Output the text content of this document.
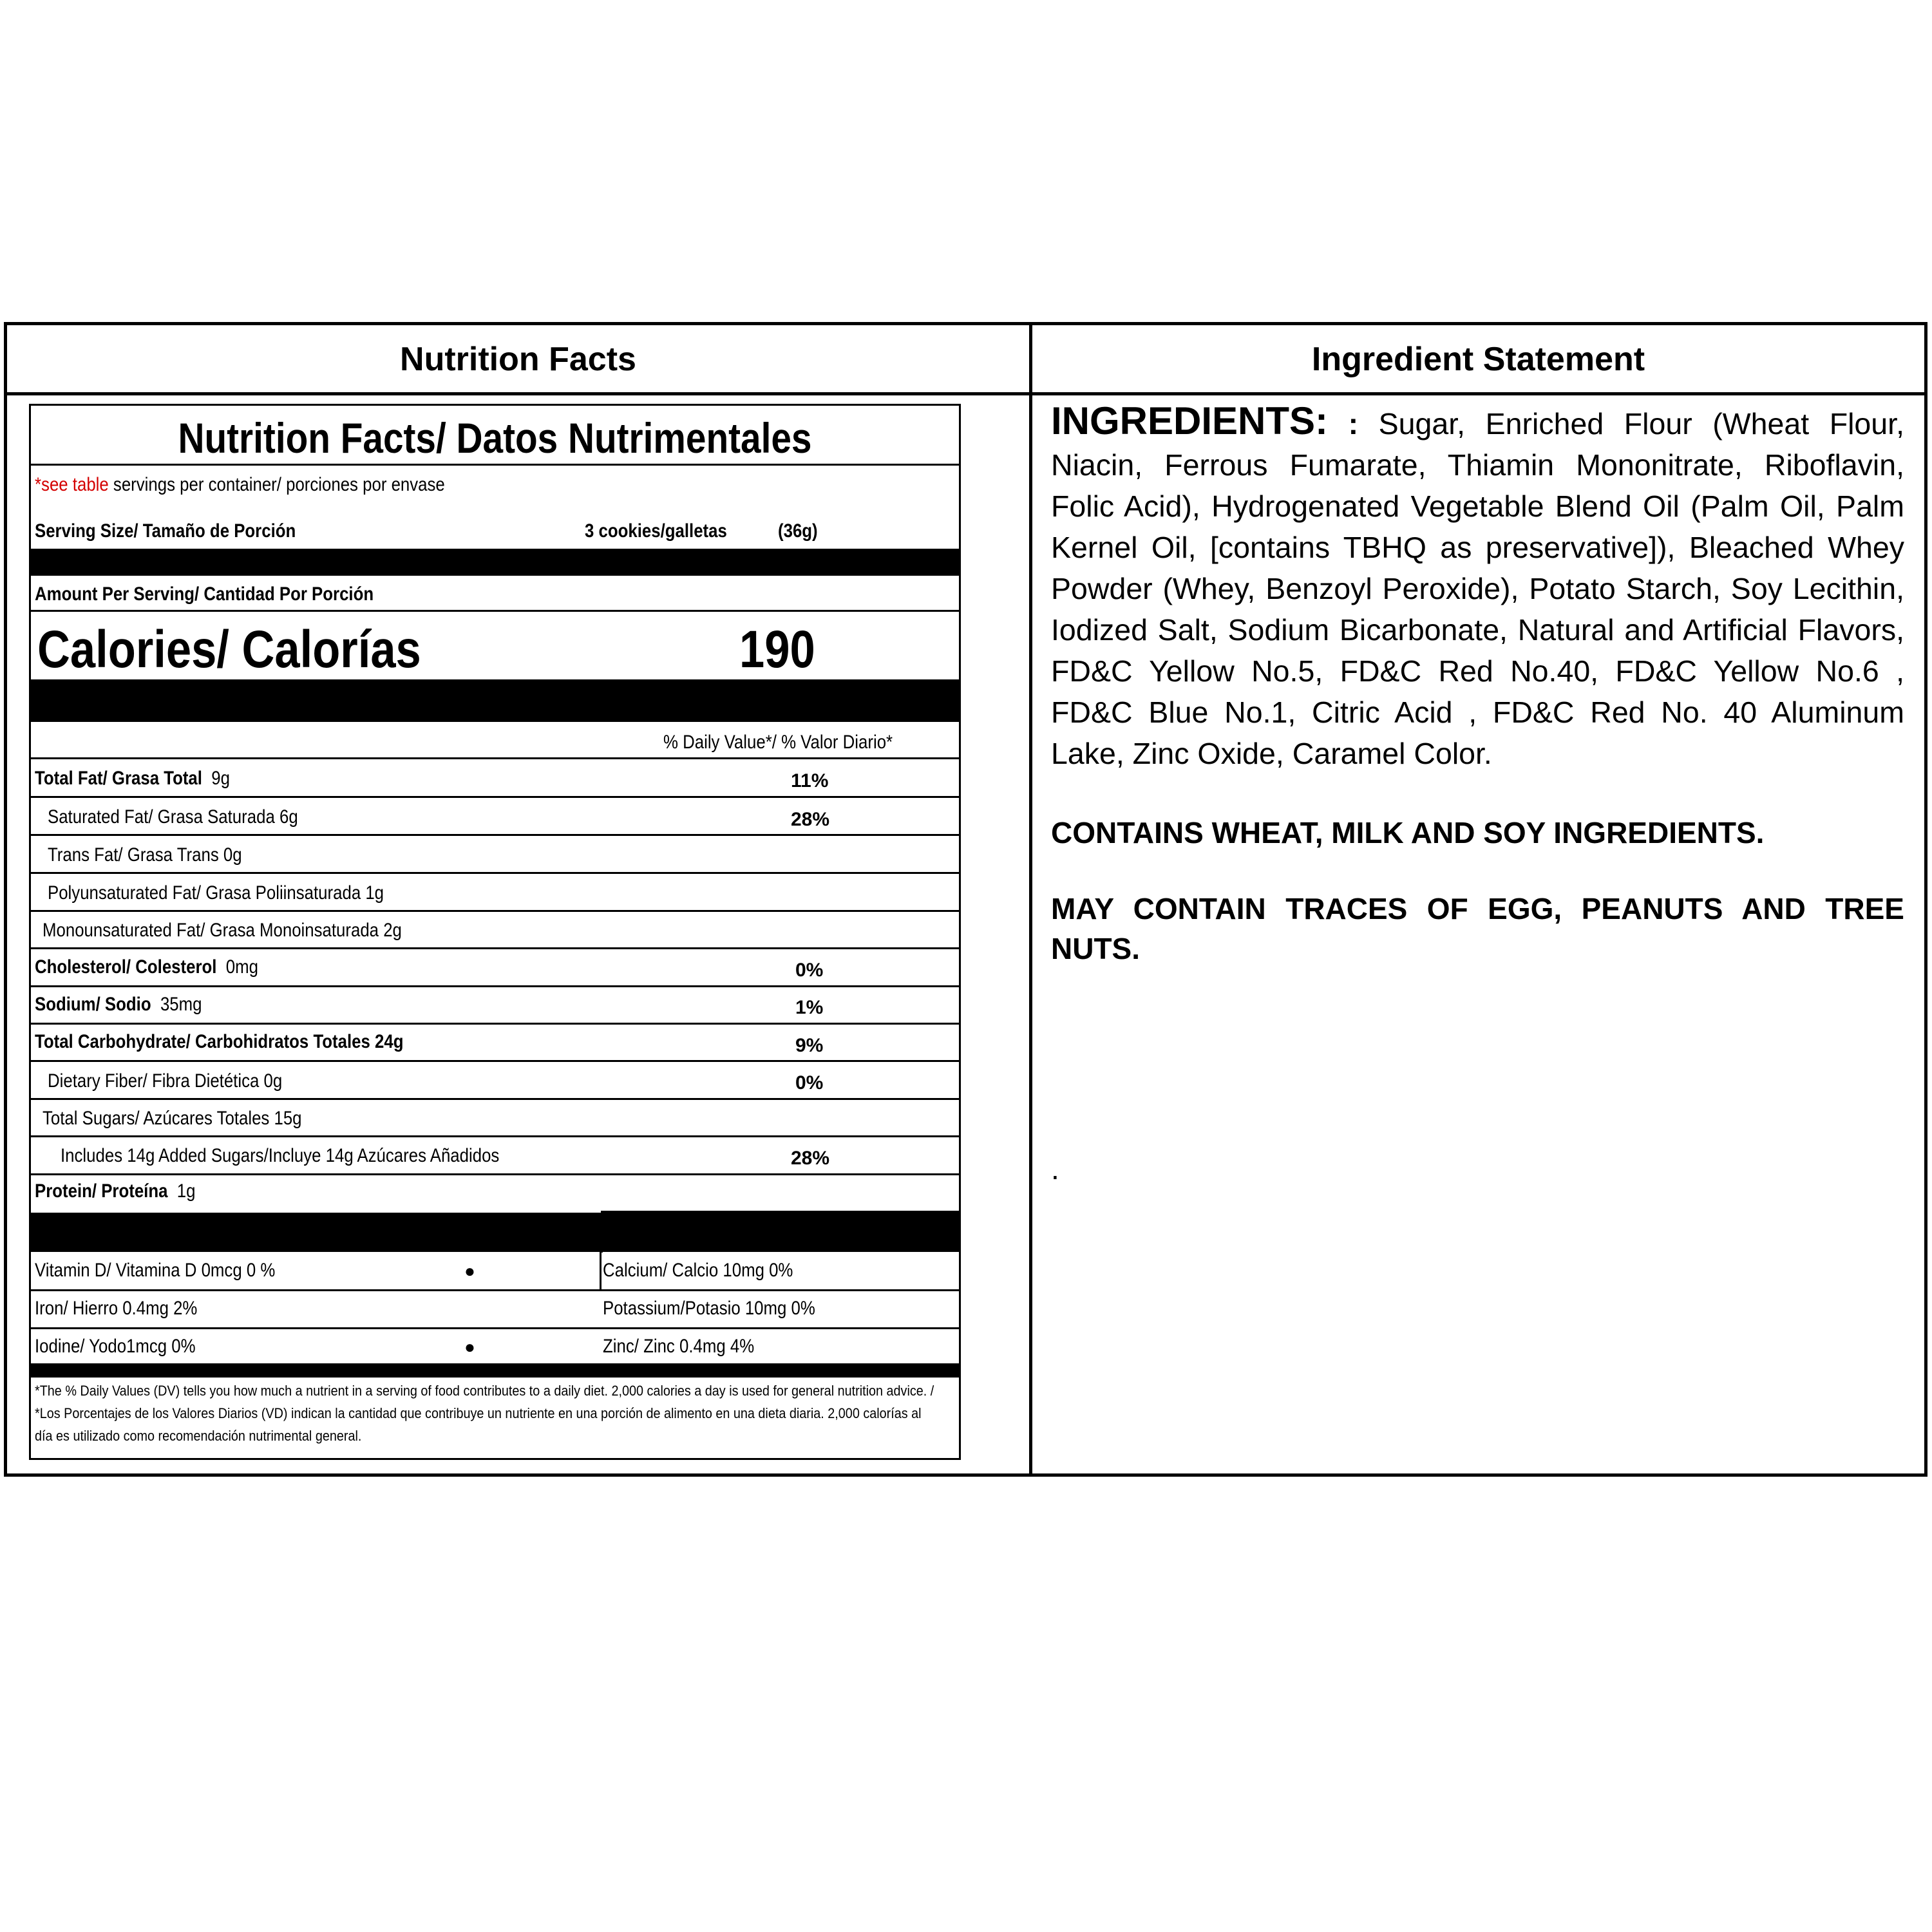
Nutrition Facts	Ingredient Statement
Nutrition Facts/ Datos Nutrimentales
*see table servings per container/ porciones por envase
Serving Size/ Tamaño de Porción	3 cookies/galletas	(36g)
Amount Per Serving/ Cantidad Por Porción
Calories/ Calorías	190
% Daily Value*/ % Valor Diario*
Total Fat/ Grasa Total 9g	11%
Saturated Fat/ Grasa Saturada 6g	28%
Trans Fat/ Grasa Trans 0g
Polyunsaturated Fat/ Grasa Poliinsaturada 1g
Monounsaturated Fat/ Grasa Monoinsaturada 2g
Cholesterol/ Colesterol 0mg	0%
Sodium/ Sodio 35mg	1%
Total Carbohydrate/ Carbohidratos Totales 24g	9%
Dietary Fiber/ Fibra Dietética 0g	0%
Total Sugars/ Azúcares Totales 15g
Includes 14g Added Sugars/Incluye 14g Azúcares Añadidos	28%
Protein/ Proteína 1g
Vitamin D/ Vitamina D 0mcg 0 %	●	Calcium/ Calcio 10mg 0%
Iron/ Hierro 0.4mg 2%	Potassium/Potasio 10mg 0%
Iodine/ Yodo1mcg 0%	●	Zinc/ Zinc 0.4mg 4%
*The % Daily Values (DV) tells you how much a nutrient in a serving of food contributes to a daily diet. 2,000 calories a day is used for general nutrition advice. / *Los Porcentajes de los Valores Diarios (VD) indican la cantidad que contribuye un nutriente en una porción de alimento en una dieta diaria. 2,000 calorías al día es utilizado como recomendación nutrimental general.
INGREDIENTS: : Sugar, Enriched Flour (Wheat Flour, Niacin, Ferrous Fumarate, Thiamin Mononitrate, Riboflavin, Folic Acid), Hydrogenated Vegetable Blend Oil (Palm Oil, Palm Kernel Oil, [contains TBHQ as preservative]), Bleached Whey Powder (Whey, Benzoyl Peroxide), Potato Starch, Soy Lecithin, Iodized Salt, Sodium Bicarbonate, Natural and Artificial Flavors, FD&C Yellow No.5, FD&C Red No.40, FD&C Yellow No.6 , FD&C Blue No.1, Citric Acid , FD&C Red No. 40 Aluminum Lake, Zinc Oxide, Caramel Color.
CONTAINS WHEAT, MILK AND SOY INGREDIENTS.
MAY CONTAIN TRACES OF EGG, PEANUTS AND TREE NUTS.
.
